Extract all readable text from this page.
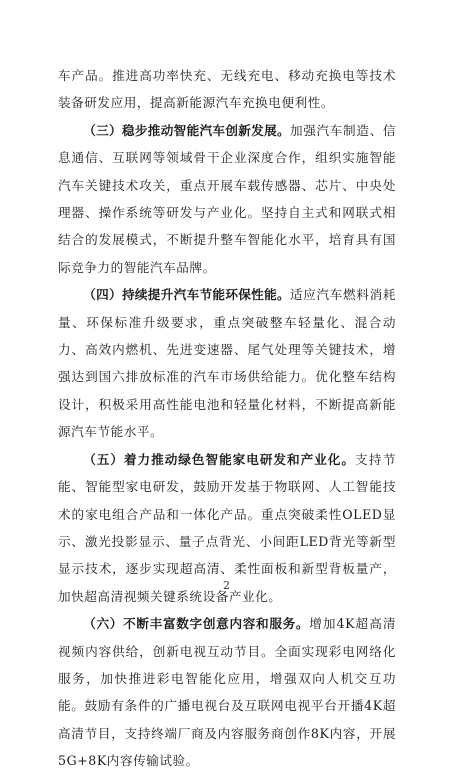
车产品。推进高功率快充、无线充电、移动充换电等技术装备研发应用，提高新能源汽车充换电便利性。

（三）稳步推动智能汽车创新发展。加强汽车制造、信息通信、互联网等领域骨干企业深度合作，组织实施智能汽车关键技术攻关，重点开展车载传感器、芯片、中央处理器、操作系统等研发与产业化。坚持自主式和网联式相结合的发展模式，不断提升整车智能化水平，培育具有国际竞争力的智能汽车品牌。

（四）持续提升汽车节能环保性能。适应汽车燃料消耗量、环保标准升级要求，重点突破整车轻量化、混合动力、高效内燃机、先进变速器、尾气处理等关键技术，增强达到国六排放标准的汽车市场供给能力。优化整车结构设计，积极采用高性能电池和轻量化材料，不断提高新能源汽车节能水平。

（五）着力推动绿色智能家电研发和产业化。支持节能、智能型家电研发，鼓励开发基于物联网、人工智能技术的家电组合产品和一体化产品。重点突破柔性OLED显示、激光投影显示、量子点背光、小间距LED背光等新型显示技术，逐步实现超高清、柔性面板和新型背板量产，加快超高清视频关键系统设备产业化。

（六）不断丰富数字创意内容和服务。增加4K超高清视频内容供给，创新电视互动节目。全面实现彩电网络化服务，加快推进彩电智能化应用，增强双向人机交互功能。鼓励有条件的广播电视台及互联网电视平台开播4K超高清节目，支持终端厂商及内容服务商创作8K内容，开展5G+8K内容传输试验。

2
